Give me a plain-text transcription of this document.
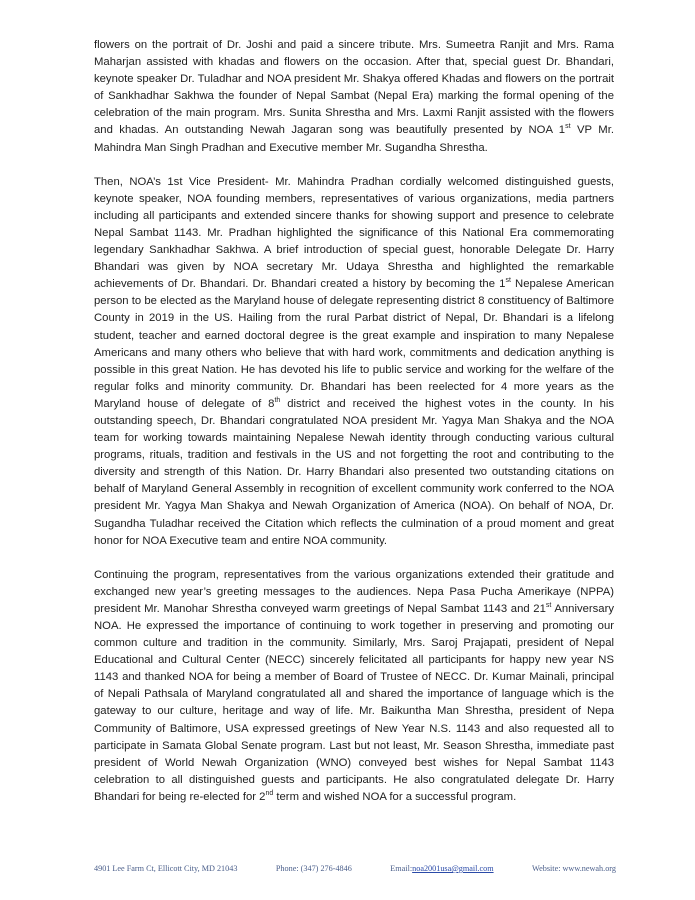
flowers on the portrait of Dr. Joshi and paid a sincere tribute. Mrs. Sumeetra Ranjit and Mrs. Rama Maharjan assisted with khadas and flowers on the occasion. After that, special guest Dr. Bhandari, keynote speaker Dr. Tuladhar and NOA president Mr. Shakya offered Khadas and flowers on the portrait of Sankhadhar Sakhwa the founder of Nepal Sambat (Nepal Era) marking the formal opening of the celebration of the main program. Mrs. Sunita Shrestha and Mrs. Laxmi Ranjit assisted with the flowers and khadas. An outstanding Newah Jagaran song was beautifully presented by NOA 1st VP Mr. Mahindra Man Singh Pradhan and Executive member Mr. Sugandha Shrestha.

Then, NOA’s 1st Vice President- Mr. Mahindra Pradhan cordially welcomed distinguished guests, keynote speaker, NOA founding members, representatives of various organizations, media partners including all participants and extended sincere thanks for showing support and presence to celebrate Nepal Sambat 1143. Mr. Pradhan highlighted the significance of this National Era commemorating legendary Sankhadhar Sakhwa. A brief introduction of special guest, honorable Delegate Dr. Harry Bhandari was given by NOA secretary Mr. Udaya Shrestha and highlighted the remarkable achievements of Dr. Bhandari. Dr. Bhandari created a history by becoming the 1st Nepalese American person to be elected as the Maryland house of delegate representing district 8 constituency of Baltimore County in 2019 in the US. Hailing from the rural Parbat district of Nepal, Dr. Bhandari is a lifelong student, teacher and earned doctoral degree is the great example and inspiration to many Nepalese Americans and many others who believe that with hard work, commitments and dedication anything is possible in this great Nation. He has devoted his life to public service and working for the welfare of the regular folks and minority community. Dr. Bhandari has been reelected for 4 more years as the Maryland house of delegate of 8th district and received the highest votes in the county. In his outstanding speech, Dr. Bhandari congratulated NOA president Mr. Yagya Man Shakya and the NOA team for working towards maintaining Nepalese Newah identity through conducting various cultural programs, rituals, tradition and festivals in the US and not forgetting the root and contributing to the diversity and strength of this Nation. Dr. Harry Bhandari also presented two outstanding citations on behalf of Maryland General Assembly in recognition of excellent community work conferred to the NOA president Mr. Yagya Man Shakya and Newah Organization of America (NOA). On behalf of NOA, Dr. Sugandha Tuladhar received the Citation which reflects the culmination of a proud moment and great honor for NOA Executive team and entire NOA community.

Continuing the program, representatives from the various organizations extended their gratitude and exchanged new year’s greeting messages to the audiences. Nepa Pasa Pucha Amerikaye (NPPA) president Mr. Manohar Shrestha conveyed warm greetings of Nepal Sambat 1143 and 21st Anniversary NOA. He expressed the importance of continuing to work together in preserving and promoting our common culture and tradition in the community. Similarly, Mrs. Saroj Prajapati, president of Nepal Educational and Cultural Center (NECC) sincerely felicitated all participants for happy new year NS 1143 and thanked NOA for being a member of Board of Trustee of NECC. Dr. Kumar Mainali, principal of Nepali Pathsala of Maryland congratulated all and shared the importance of language which is the gateway to our culture, heritage and way of life. Mr. Baikuntha Man Shrestha, president of Nepa Community of Baltimore, USA expressed greetings of New Year N.S. 1143 and also requested all to participate in Samata Global Senate program. Last but not least, Mr. Season Shrestha, immediate past president of World Newah Organization (WNO) conveyed best wishes for Nepal Sambat 1143 celebration to all distinguished guests and participants. He also congratulated delegate Dr. Harry Bhandari for being re-elected for 2nd term and wished NOA for a successful program.

4901 Lee Farm Ct, Ellicott City, MD 21043	Phone: (347) 276-4846	Email:noa2001usa@gmail.com	Website: www.newah.org
